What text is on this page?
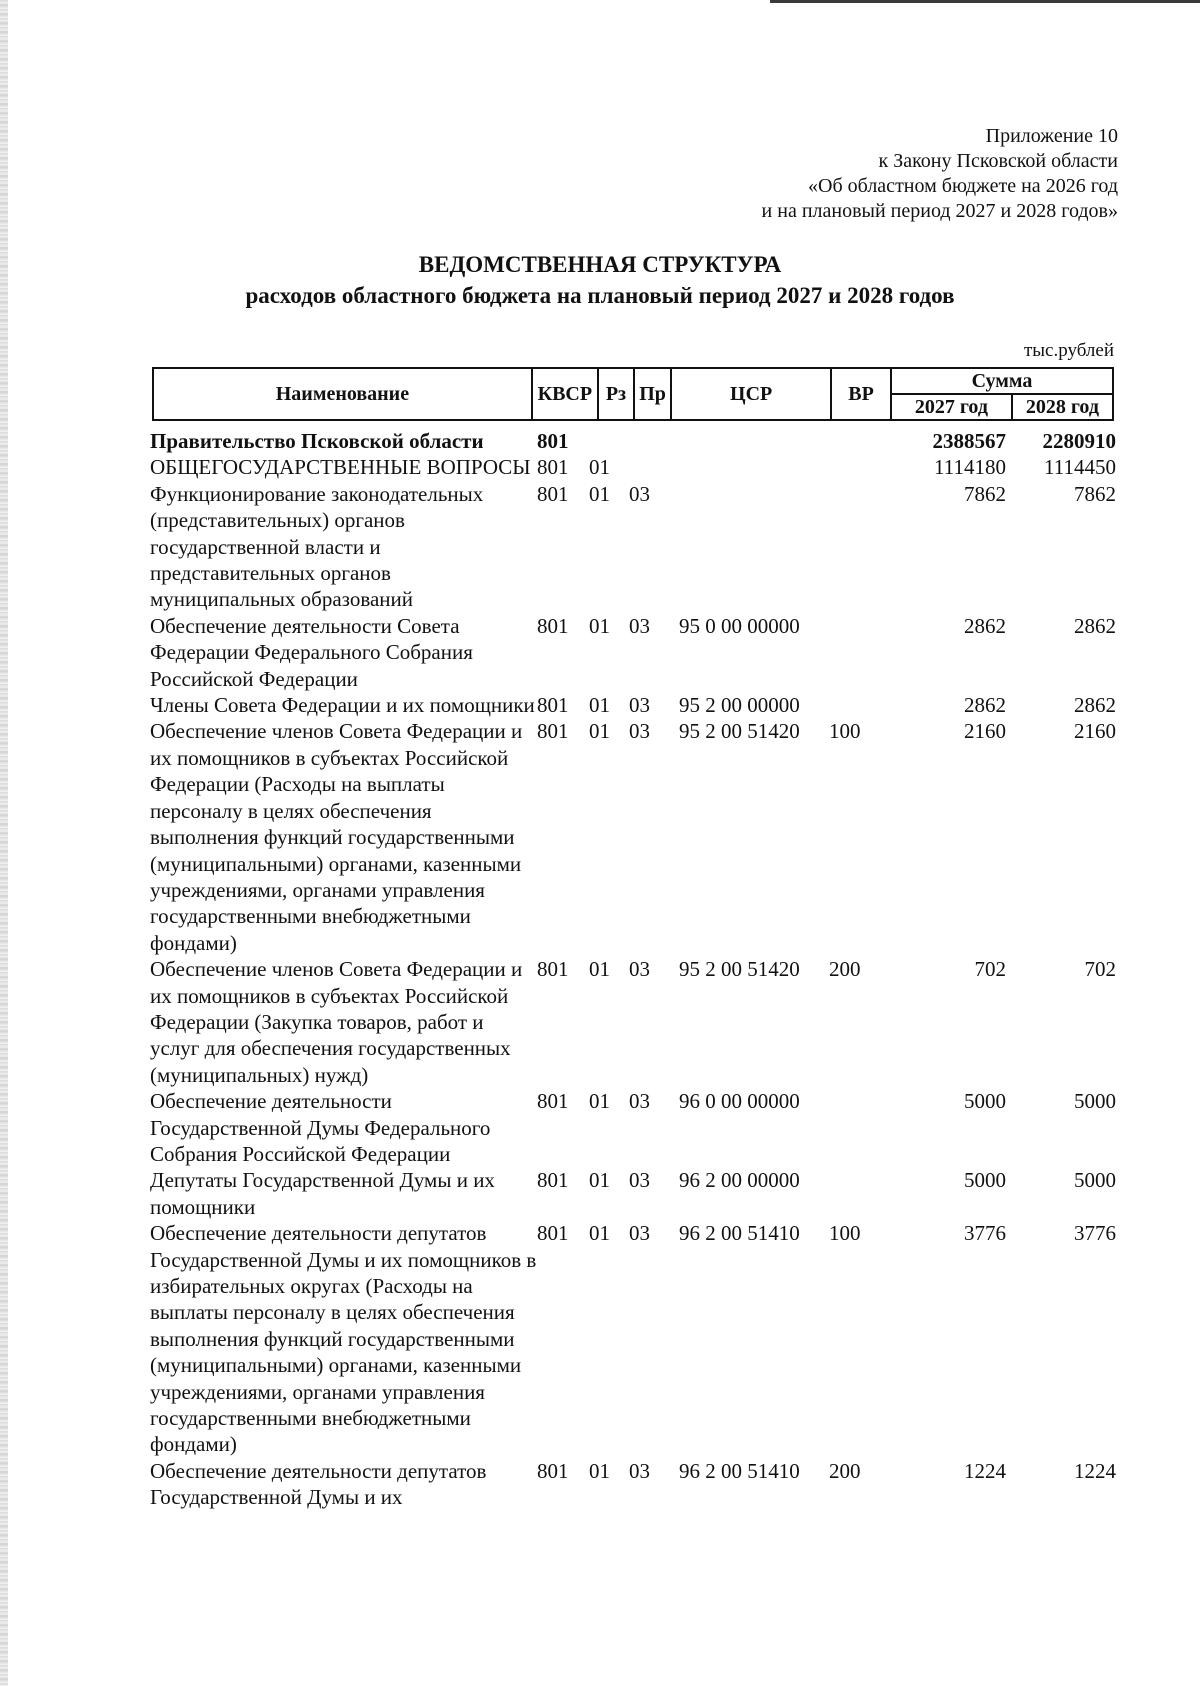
Приложение 10
к Закону Псковской области
«Об областном бюджете на 2026 год
и на плановый период 2027 и 2028 годов»
ВЕДОМСТВЕННАЯ СТРУКТУРА
расходов областного бюджета на плановый период 2027 и 2028 годов
тыс.рублей
Наименование	КВСР	Рз	Пр	ЦСР	ВР	Сумма	
						2027 год	2028 год
Правительство Псковской области	801					2388567	2280910
ОБЩЕГОСУДАРСТВЕННЫЕ ВОПРОСЫ	801	01				1114180	1114450
Функционирование законодательных (представительных) органов государственной власти и представительных органов муниципальных образований	801	01	03			7862	7862
Обеспечение деятельности Совета Федерации Федерального Собрания Российской Федерации	801	01	03	95 0 00 00000		2862	2862
Члены Совета Федерации и их помощники	801	01	03	95 2 00 00000		2862	2862
Обеспечение членов Совета Федерации и их помощников в субъектах Российской Федерации (Расходы на выплаты персоналу в целях обеспечения выполнения функций государственными (муниципальными) органами, казенными учреждениями, органами управления государственными внебюджетными фондами)	801	01	03	95 2 00 51420	100	2160	2160
Обеспечение членов Совета Федерации и их помощников в субъектах Российской Федерации (Закупка товаров, работ и услуг для обеспечения государственных (муниципальных) нужд)	801	01	03	95 2 00 51420	200	702	702
Обеспечение деятельности Государственной Думы Федерального Собрания Российской Федерации	801	01	03	96 0 00 00000		5000	5000
Депутаты Государственной Думы и их помощники	801	01	03	96 2 00 00000		5000	5000
Обеспечение деятельности депутатов Государственной Думы и их помощников в избирательных округах (Расходы на выплаты персоналу в целях обеспечения выполнения функций государственными (муниципальными) органами, казенными учреждениями, органами управления государственными внебюджетными фондами)	801	01	03	96 2 00 51410	100	3776	3776
Обеспечение деятельности депутатов Государственной Думы и их	801	01	03	96 2 00 51410	200	1224	1224
